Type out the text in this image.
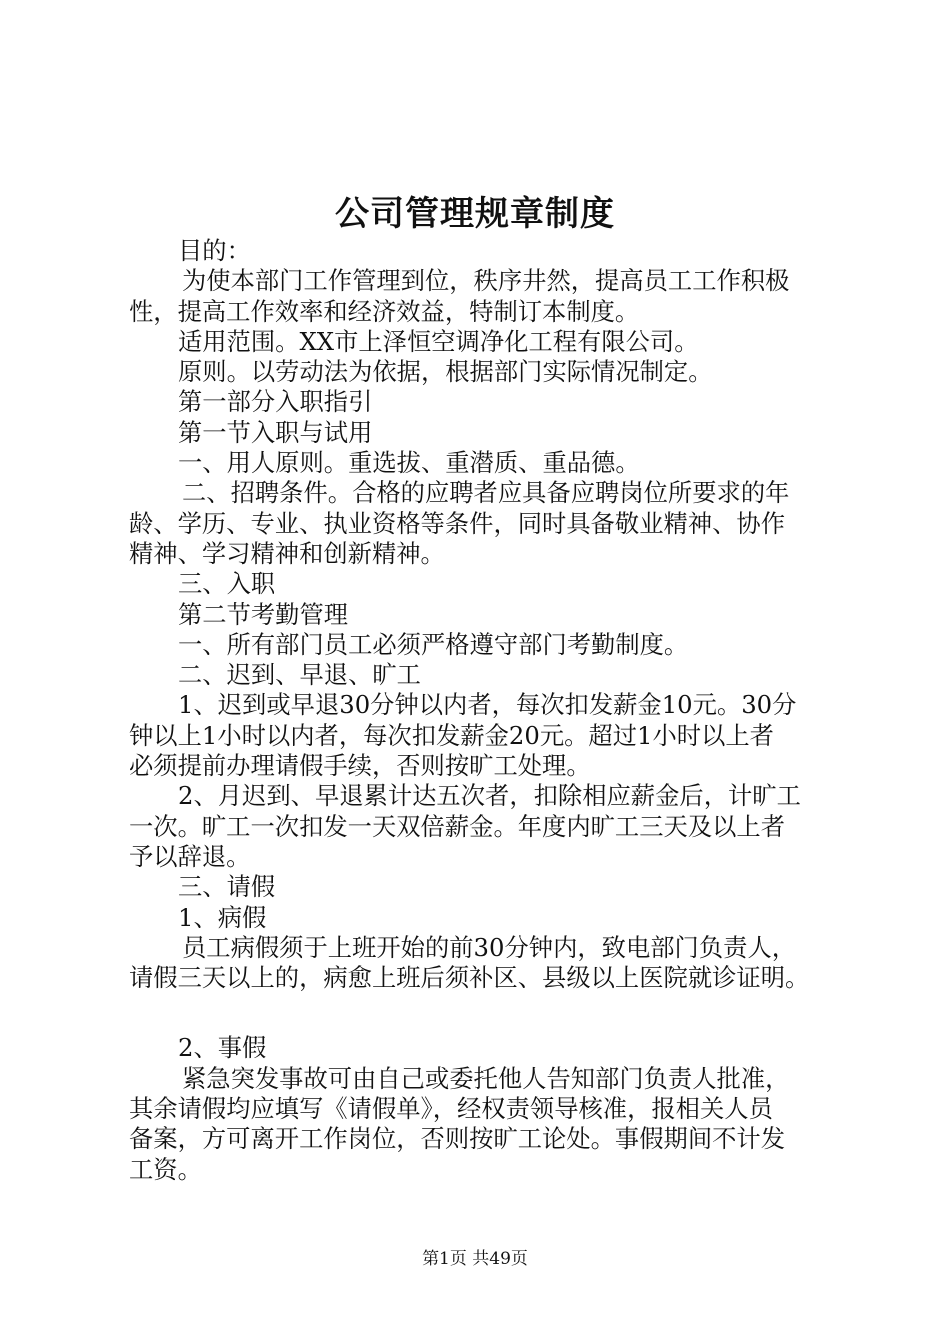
公司管理规章制度

目的：

为使本部门工作管理到位，秩序井然，提高员工工作积极

性，提高工作效率和经济效益，特制订本制度。

适用范围。XX市上泽恒空调净化工程有限公司。

原则。以劳动法为依据，根据部门实际情况制定。

第一部分入职指引

第一节入职与试用

一、用人原则。重选拔、重潜质、重品德。

二、招聘条件。合格的应聘者应具备应聘岗位所要求的年

龄、学历、专业、执业资格等条件，同时具备敬业精神、协作

精神、学习精神和创新精神。

三、入职

第二节考勤管理

一、所有部门员工必须严格遵守部门考勤制度。

二、迟到、早退、旷工

1、迟到或早退30分钟以内者，每次扣发薪金10元。30分

钟以上1小时以内者，每次扣发薪金20元。超过1小时以上者

必须提前办理请假手续，否则按旷工处理。

2、月迟到、早退累计达五次者，扣除相应薪金后，计旷工

一次。旷工一次扣发一天双倍薪金。年度内旷工三天及以上者

予以辞退。

三、请假

1、病假

员工病假须于上班开始的前30分钟内，致电部门负责人，

请假三天以上的，病愈上班后须补区、县级以上医院就诊证明。

2、事假

紧急突发事故可由自己或委托他人告知部门负责人批准，

其余请假均应填写《请假单》，经权责领导核准，报相关人员

备案，方可离开工作岗位，否则按旷工论处。事假期间不计发

工资。

第1页 共49页
